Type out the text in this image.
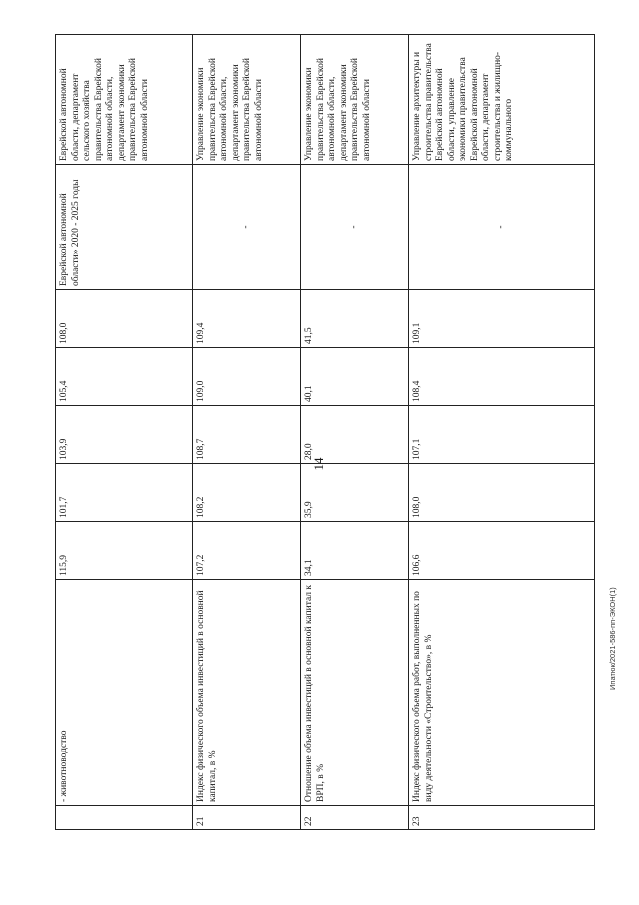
14
	- животноводство	115,9	101,7	103,9	105,4	108,0	Еврейской автономной области» 2020 - 2025 годы	Еврейской автономной области, департамент сельского хозяйства правительства Еврейской автономной области, департамент экономики правительства Еврейской автономной области
21	Индекс физического объема инвестиций в основной капитал, в %	107,2	108,2	108,7	109,0	109,4	-	Управление экономики правительства Еврейской автономной области, департамент экономики правительства Еврейской автономной области
22	Отношение объема инвестиций в основной капитал к ВРП, в %	34,1	35,9	28,0	40,1	41,5	-	Управление экономики правительства Еврейской автономной области, департамент экономики правительства Еврейской автономной области
23	Индекс физического объема работ, выполненных по виду деятельности «Строительство», в %	106,6	108,0	107,1	108,4	109,1	-	Управление архитектуры и строительства правительства Еврейской автономной области, управление экономики правительства Еврейской автономной области, департамент строительства и жилищно-коммунального
Ипатюк/2021-586-пп-ЭКОН(1)
